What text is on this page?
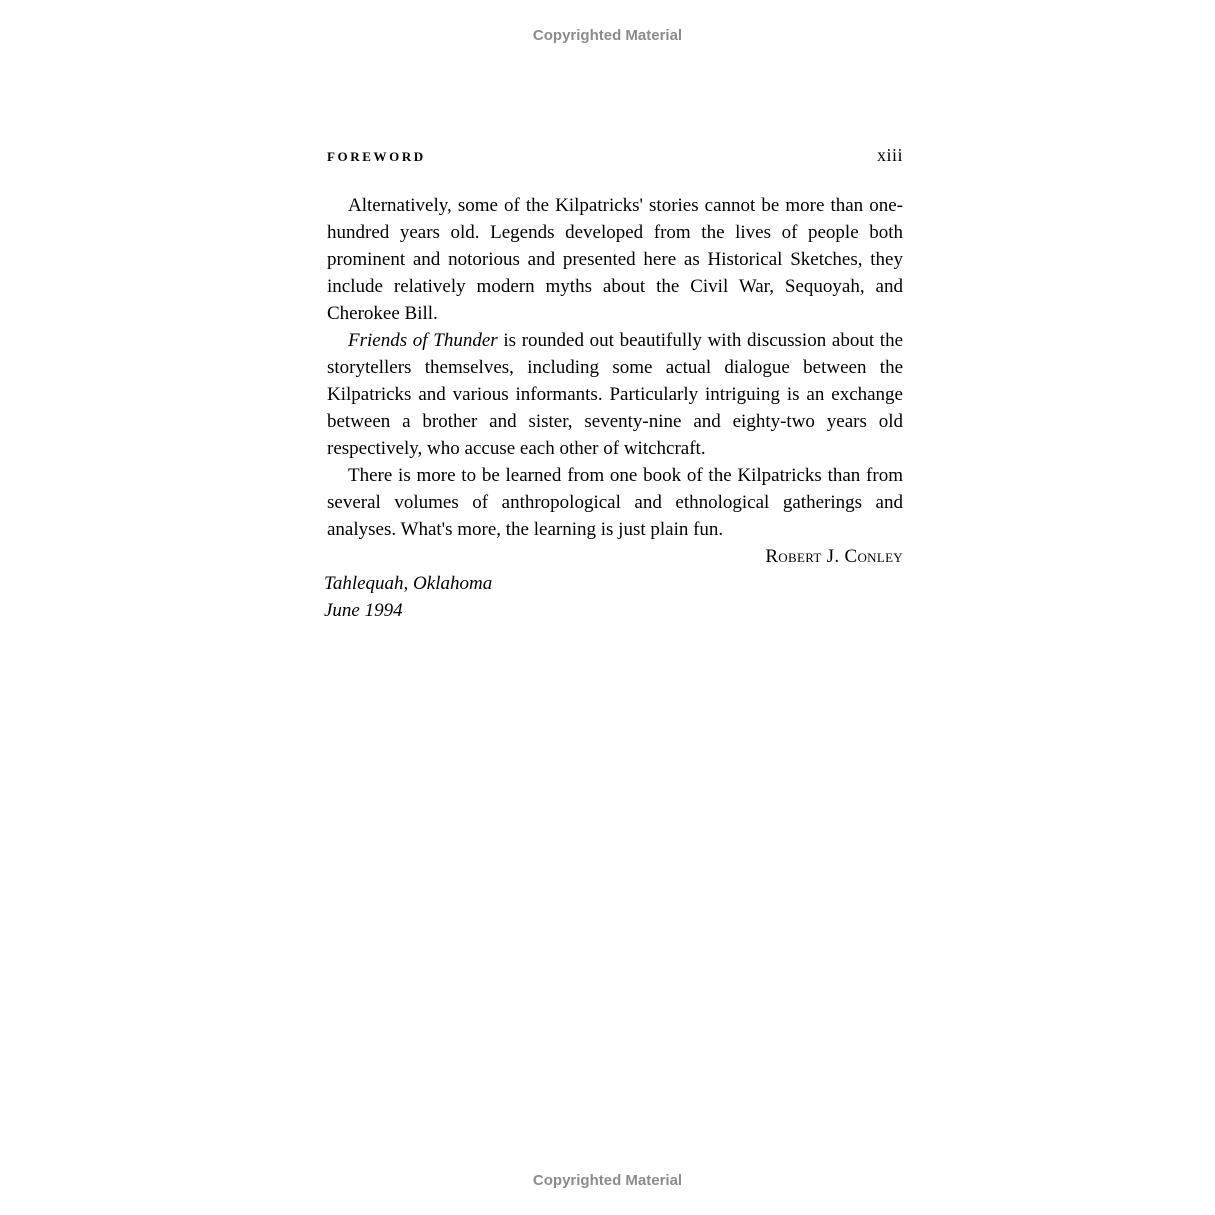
Copyrighted Material
FOREWORD	xiii

Alternatively, some of the Kilpatricks' stories cannot be more than one-hundred years old. Legends developed from the lives of people both prominent and notorious and presented here as Historical Sketches, they include relatively modern myths about the Civil War, Sequoyah, and Cherokee Bill.

Friends of Thunder is rounded out beautifully with discussion about the storytellers themselves, including some actual dialogue between the Kilpatricks and various informants. Particularly intriguing is an exchange between a brother and sister, seventy-nine and eighty-two years old respectively, who accuse each other of witchcraft.

There is more to be learned from one book of the Kilpatricks than from several volumes of anthropological and ethnological gatherings and analyses. What's more, the learning is just plain fun.

Robert J. Conley
Tahlequah, Oklahoma
June 1994
Copyrighted Material
